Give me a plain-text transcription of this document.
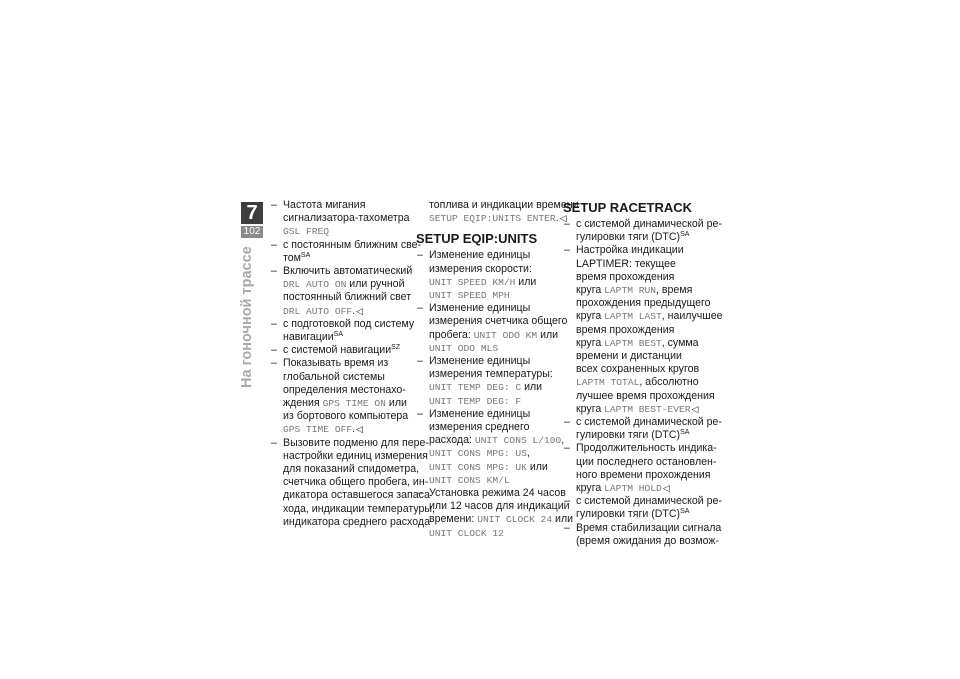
7
102
На гоночной трассе
– Частота мигания
сигнализатора-тахометра
GSL FREQ
– с постоянным ближним све-
том$^{SA}$
– Включить автоматический
DRL AUTO ON или ручной
постоянный ближний свет
DRL AUTO OFF.◁
– с подготовкой под систему
навигации$^{SA}$
– с системой навигации$^{SZ}$
– Показывать время из
глобальной системы
определения местонахо-
ждения GPS TIME ON или
из бортового компьютера
GPS TIME OFF.◁
– Вызовите подменю для пере-
настройки единиц измерения
для показаний спидометра,
счетчика общего пробега, ин-
дикатора оставшегося запаса
хода, индикации температуры,
индикатора среднего расхода
топлива и индикации времени
SETUP EQIP:UNITS ENTER.◁
SETUP EQIP:UNITS
– Изменение единицы
измерения скорости:
UNIT SPEED KM/H или
UNIT SPEED MPH
– Изменение единицы
измерения счетчика общего
пробега: UNIT ODO KM или
UNIT ODO MLS
– Изменение единицы
измерения температуры:
UNIT TEMP DEG: C или
UNIT TEMP DEG: F
– Изменение единицы
измерения среднего
расхода: UNIT CONS L/100,
UNIT CONS MPG: US,
UNIT CONS MPG: UK или
UNIT CONS KM/L
– Установка режима 24 часов
или 12 часов для индикации
времени: UNIT CLOCK 24 или
UNIT CLOCK 12
SETUP RACETRACK
– с системой динамической ре-
гулировки тяги (DTC)$^{SA}$
– Настройка индикации
LAPTIMER: текущее
время прохождения
круга LAPTM RUN, время
прохождения предыдущего
круга LAPTM LAST, наилучшее
время прохождения
круга LAPTM BEST, сумма
времени и дистанции
всех сохраненных кругов
LAPTM TOTAL, абсолютно
лучшее время прохождения
круга LAPTM BEST-EVER◁
– с системой динамической ре-
гулировки тяги (DTC)$^{SA}$
– Продолжительность индика-
ции последнего остановлен-
ного времени прохождения
круга LAPTM HOLD◁
– с системой динамической ре-
гулировки тяги (DTC)$^{SA}$
– Время стабилизации сигнала
(время ожидания до возмож-
